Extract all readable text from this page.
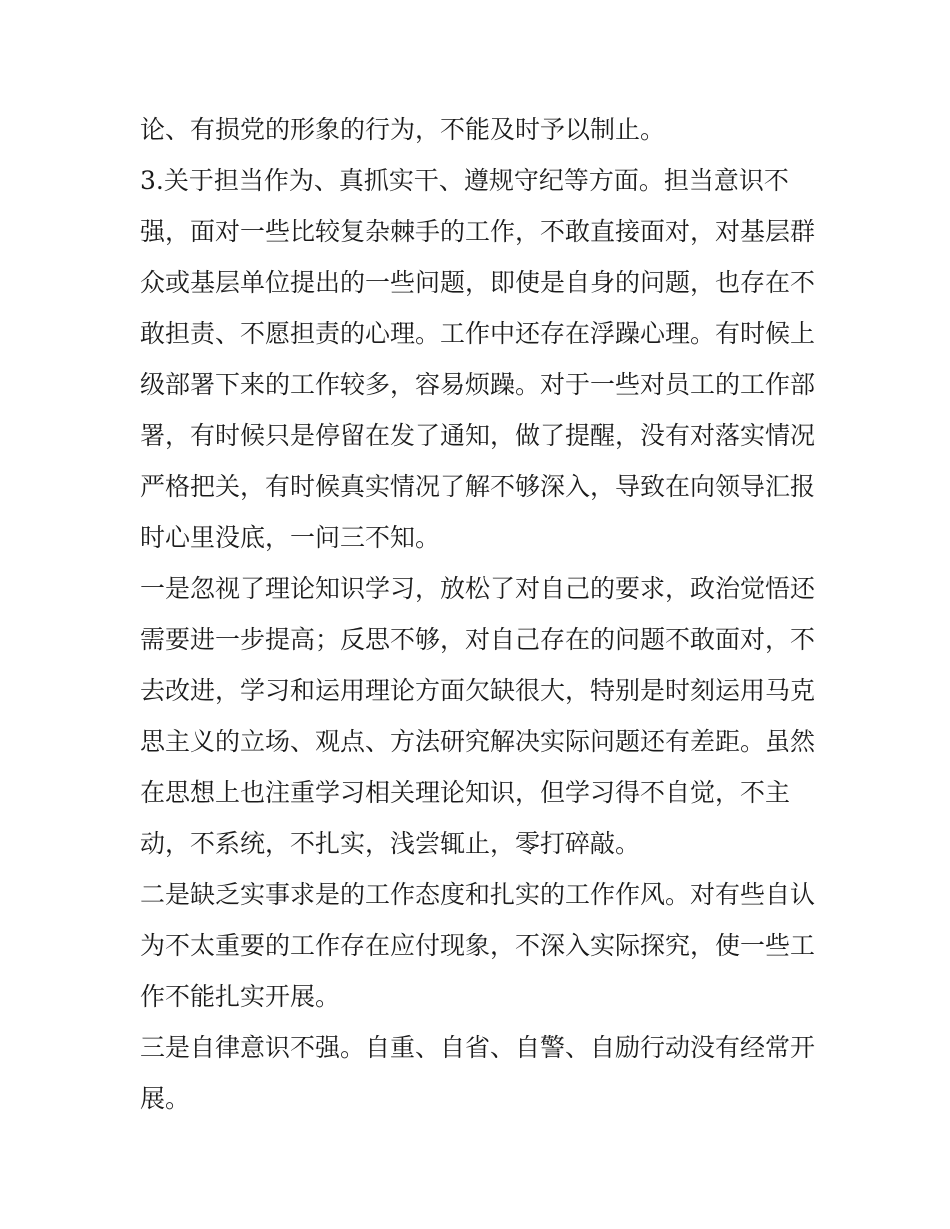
论、有损党的形象的行为，不能及时予以制止。
3.关于担当作为、真抓实干、遵规守纪等方面。担当意识不
强，面对一些比较复杂棘手的工作，不敢直接面对，对基层群
众或基层单位提出的一些问题，即使是自身的问题，也存在不
敢担责、不愿担责的心理。工作中还存在浮躁心理。有时候上
级部署下来的工作较多，容易烦躁。对于一些对员工的工作部
署，有时候只是停留在发了通知，做了提醒，没有对落实情况
严格把关，有时候真实情况了解不够深入，导致在向领导汇报
时心里没底，一问三不知。
一是忽视了理论知识学习，放松了对自己的要求，政治觉悟还
需要进一步提高；反思不够，对自己存在的问题不敢面对，不
去改进，学习和运用理论方面欠缺很大，特别是时刻运用马克
思主义的立场、观点、方法研究解决实际问题还有差距。虽然
在思想上也注重学习相关理论知识，但学习得不自觉，不主
动，不系统，不扎实，浅尝辄止，零打碎敲。
二是缺乏实事求是的工作态度和扎实的工作作风。对有些自认
为不太重要的工作存在应付现象，不深入实际探究，使一些工
作不能扎实开展。
三是自律意识不强。自重、自省、自警、自励行动没有经常开
展。
